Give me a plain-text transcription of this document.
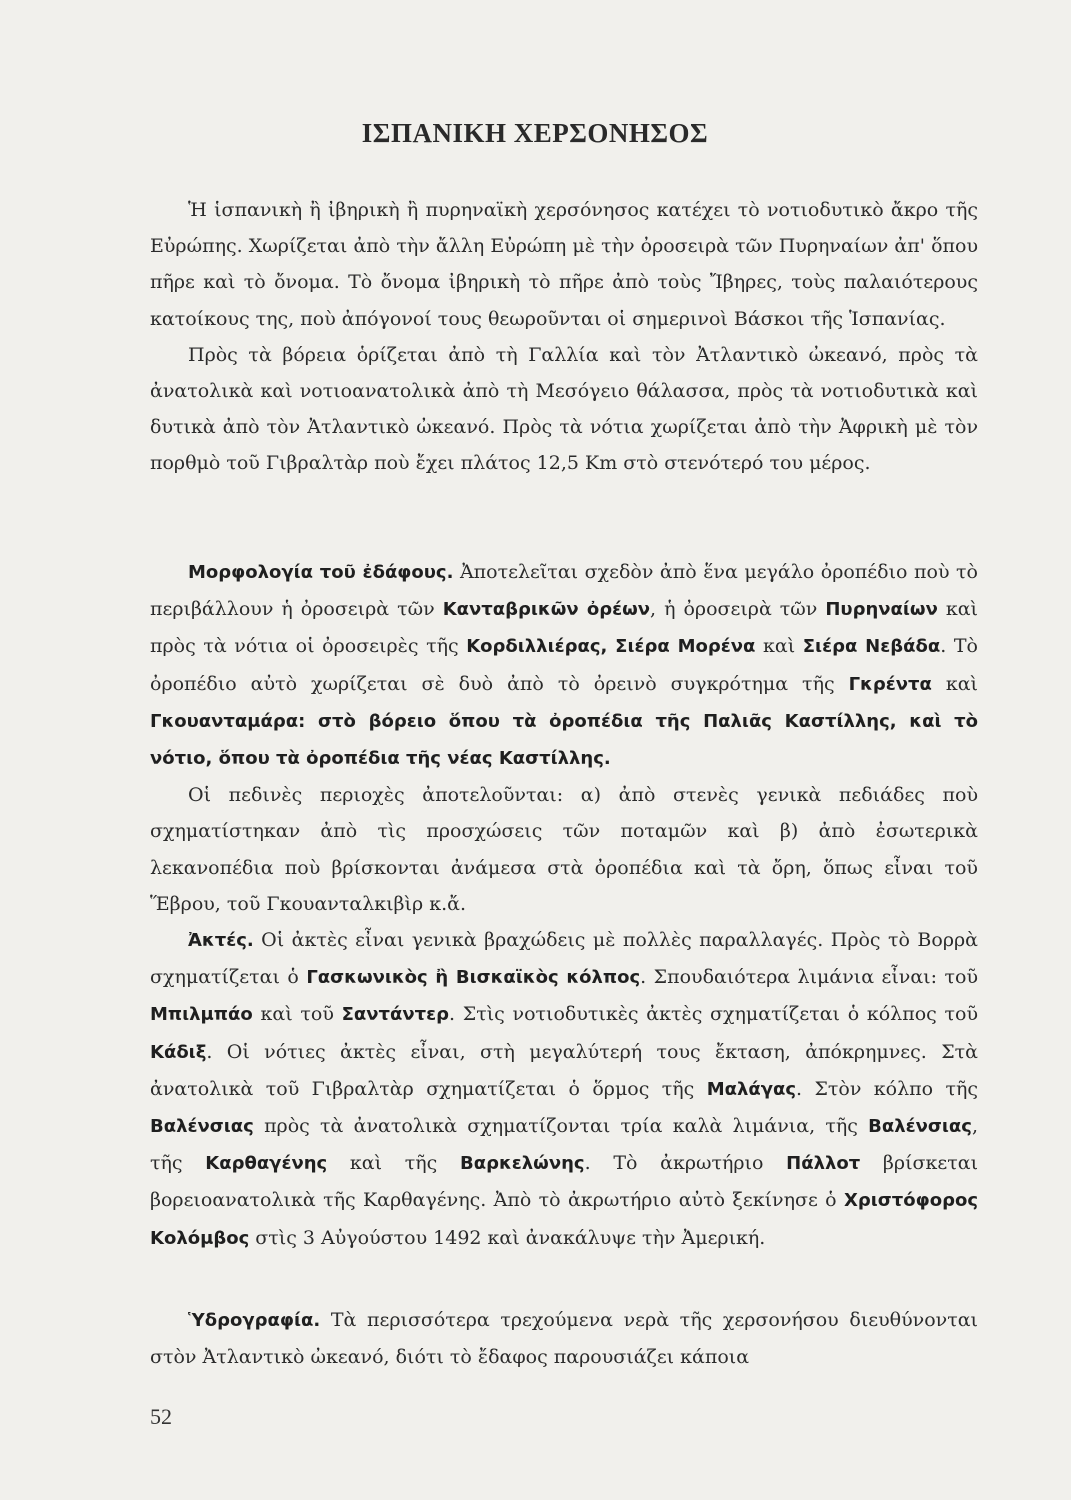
ΙΣΠΑΝΙΚΗ ΧΕΡΣΟΝΗΣΟΣ

Ἡ ἱσπανικὴ ἢ ἰβηρικὴ ἢ πυρηναϊκὴ χερσόνησος κατέχει τὸ νοτιοδυτικὸ ἄκρο τῆς Εὐρώπης. Χωρίζεται ἀπὸ τὴν ἄλλη Εὐρώπη μὲ τὴν ὀροσειρὰ τῶν Πυρηναίων ἀπ' ὅπου πῆρε καὶ τὸ ὄνομα. Τὸ ὄνομα ἰβηρικὴ τὸ πῆρε ἀπὸ τοὺς Ἴβηρες, τοὺς παλαιότερους κατοίκους της, ποὺ ἀπόγονοί τους θεωροῦνται οἱ σημερινοὶ Βάσκοι τῆς Ἱσπανίας.

Πρὸς τὰ βόρεια ὁρίζεται ἀπὸ τὴ Γαλλία καὶ τὸν Ἀτλαντικὸ ὠκεανό, πρὸς τὰ ἀνατολικὰ καὶ νοτιοανατολικὰ ἀπὸ τὴ Μεσόγειο θάλασσα, πρὸς τὰ νοτιοδυτικὰ καὶ δυτικὰ ἀπὸ τὸν Ἀτλαντικὸ ὠκεανό. Πρὸς τὰ νότια χωρίζεται ἀπὸ τὴν Ἀφρικὴ μὲ τὸν πορθμὸ τοῦ Γιβραλτὰρ ποὺ ἔχει πλάτος 12,5 Km στὸ στενότερό του μέρος.

Μορφολογία τοῦ ἐδάφους. Ἀποτελεῖται σχεδὸν ἀπὸ ἕνα μεγάλο ὀροπέδιο ποὺ τὸ περιβάλλουν ἡ ὀροσειρὰ τῶν Κανταβρικῶν ὀρέων, ἡ ὀροσειρὰ τῶν Πυρηναίων καὶ πρὸς τὰ νότια οἱ ὀροσειρὲς τῆς Κορδιλλιέρας, Σιέρα Μορένα καὶ Σιέρα Νεβάδα. Τὸ ὀροπέδιο αὐτὸ χωρίζεται σὲ δυὸ ἀπὸ τὸ ὀρεινὸ συγκρότημα τῆς Γκρέντα καὶ Γκουανταμάρα: στὸ βόρειο ὅπου τὰ ὀροπέδια τῆς Παλιᾶς Καστίλλης, καὶ τὸ νότιο, ὅπου τὰ ὀροπέδια τῆς νέας Καστίλλης.

Οἱ πεδινὲς περιοχὲς ἀποτελοῦνται: α) ἀπὸ στενὲς γενικὰ πεδιάδες ποὺ σχηματίστηκαν ἀπὸ τὶς προσχώσεις τῶν ποταμῶν καὶ β) ἀπὸ ἐσωτερικὰ λεκανοπέδια ποὺ βρίσκονται ἀνάμεσα στὰ ὀροπέδια καὶ τὰ ὄρη, ὅπως εἶναι τοῦ Ἕβρου, τοῦ Γκουανταλκιβὶρ κ.ἄ.

Ἀκτές. Οἱ ἀκτὲς εἶναι γενικὰ βραχώδεις μὲ πολλὲς παραλλαγές. Πρὸς τὸ Βορρὰ σχηματίζεται ὁ Γασκωνικὸς ἢ Βισκαϊκὸς κόλπος. Σπουδαιότερα λιμάνια εἶναι: τοῦ Μπιλμπάο καὶ τοῦ Σαντάντερ. Στὶς νοτιοδυτικὲς ἀκτὲς σχηματίζεται ὁ κόλπος τοῦ Κάδιξ. Οἱ νότιες ἀκτὲς εἶναι, στὴ μεγαλύτερή τους ἔκταση, ἀπόκρημνες. Στὰ ἀνατολικὰ τοῦ Γιβραλτὰρ σχηματίζεται ὁ ὅρμος τῆς Μαλάγας. Στὸν κόλπο τῆς Βαλένσιας πρὸς τὰ ἀνατολικὰ σχηματίζονται τρία καλὰ λιμάνια, τῆς Βαλένσιας, τῆς Καρθαγένης καὶ τῆς Βαρκελώνης. Τὸ ἀκρωτήριο Πάλλοτ βρίσκεται βορειοανατολικὰ τῆς Καρθαγένης. Ἀπὸ τὸ ἀκρωτήριο αὐτὸ ξεκίνησε ὁ Χριστόφορος Κολόμβος στὶς 3 Αὐγούστου 1492 καὶ ἀνακάλυψε τὴν Ἀμερική.

Ὑδρογραφία. Τὰ περισσότερα τρεχούμενα νερὰ τῆς χερσονήσου διευθύνονται στὸν Ἀτλαντικὸ ὠκεανό, διότι τὸ ἔδαφος παρουσιάζει κάποια

52
